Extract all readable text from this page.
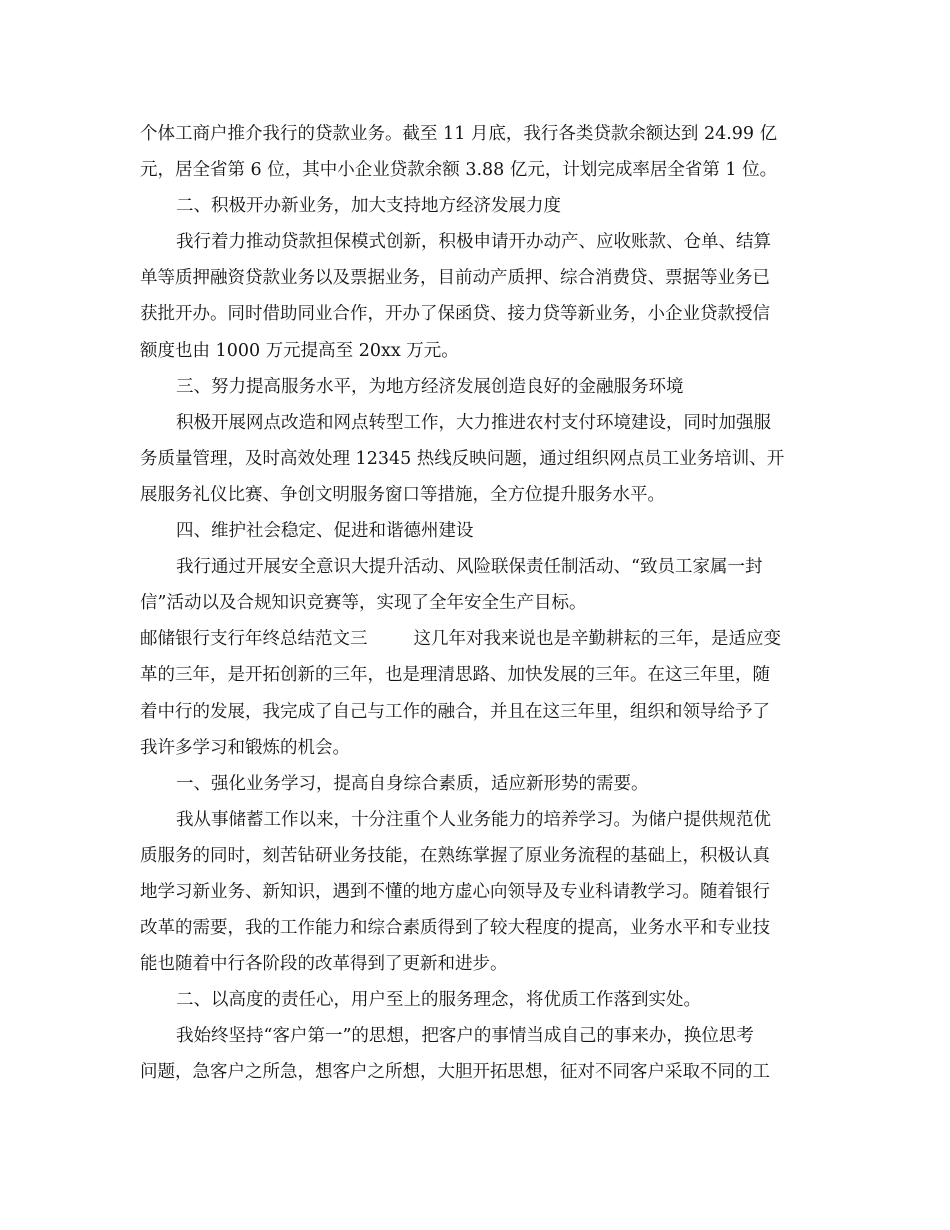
个体工商户推介我行的贷款业务。截至 11 月底，我行各类贷款余额达到 24.99 亿
元，居全省第 6 位，其中小企业贷款余额 3.88 亿元，计划完成率居全省第 1 位。
二、积极开办新业务，加大支持地方经济发展力度
我行着力推动贷款担保模式创新，积极申请开办动产、应收账款、仓单、结算
单等质押融资贷款业务以及票据业务，目前动产质押、综合消费贷、票据等业务已
获批开办。同时借助同业合作，开办了保函贷、接力贷等新业务，小企业贷款授信
额度也由 1000 万元提高至 20xx 万元。
三、努力提高服务水平，为地方经济发展创造良好的金融服务环境
积极开展网点改造和网点转型工作，大力推进农村支付环境建设，同时加强服
务质量管理，及时高效处理 12345 热线反映问题，通过组织网点员工业务培训、开
展服务礼仪比赛、争创文明服务窗口等措施，全方位提升服务水平。
四、维护社会稳定、促进和谐德州建设
我行通过开展安全意识大提升活动、风险联保责任制活动、“致员工家属一封
信”活动以及合规知识竞赛等，实现了全年安全生产目标。
邮储银行支行年终总结范文三	这几年对我来说也是辛勤耕耘的三年，是适应变
革的三年，是开拓创新的三年，也是理清思路、加快发展的三年。在这三年里，随
着中行的发展，我完成了自己与工作的融合，并且在这三年里，组织和领导给予了
我许多学习和锻炼的机会。
一、强化业务学习，提高自身综合素质，适应新形势的需要。
我从事储蓄工作以来，十分注重个人业务能力的培养学习。为储户提供规范优
质服务的同时，刻苦钻研业务技能，在熟练掌握了原业务流程的基础上，积极认真
地学习新业务、新知识，遇到不懂的地方虚心向领导及专业科请教学习。随着银行
改革的需要，我的工作能力和综合素质得到了较大程度的提高，业务水平和专业技
能也随着中行各阶段的改革得到了更新和进步。
二、以高度的责任心，用户至上的服务理念，将优质工作落到实处。
我始终坚持“客户第一”的思想，把客户的事情当成自己的事来办，换位思考
问题，急客户之所急，想客户之所想，大胆开拓思想，征对不同客户采取不同的工
